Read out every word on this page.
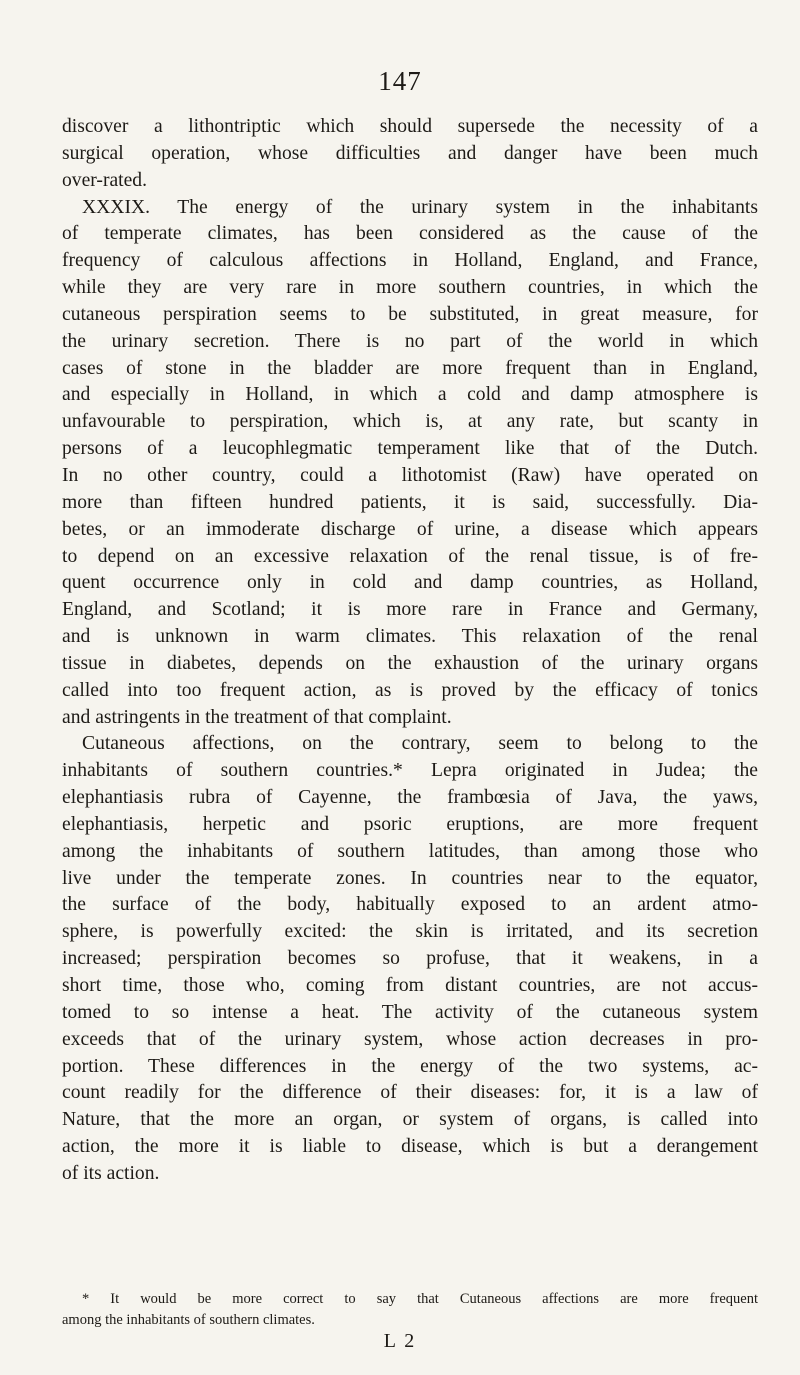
147
discover a lithontriptic which should supersede the necessity of a
surgical operation, whose difficulties and danger have been much
over-rated.
XXXIX. The energy of the urinary system in the inhabitants
of temperate climates, has been considered as the cause of the
frequency of calculous affections in Holland, England, and France,
while they are very rare in more southern countries, in which the
cutaneous perspiration seems to be substituted, in great measure, for
the urinary secretion. There is no part of the world in which
cases of stone in the bladder are more frequent than in England,
and especially in Holland, in which a cold and damp atmosphere is
unfavourable to perspiration, which is, at any rate, but scanty in
persons of a leucophlegmatic temperament like that of the Dutch.
In no other country, could a lithotomist (Raw) have operated on
more than fifteen hundred patients, it is said, successfully. Dia-
betes, or an immoderate discharge of urine, a disease which appears
to depend on an excessive relaxation of the renal tissue, is of fre-
quent occurrence only in cold and damp countries, as Holland,
England, and Scotland; it is more rare in France and Germany,
and is unknown in warm climates. This relaxation of the renal
tissue in diabetes, depends on the exhaustion of the urinary organs
called into too frequent action, as is proved by the efficacy of tonics
and astringents in the treatment of that complaint.
Cutaneous affections, on the contrary, seem to belong to the
inhabitants of southern countries.* Lepra originated in Judea; the
elephantiasis rubra of Cayenne, the frambœsia of Java, the yaws,
elephantiasis, herpetic and psoric eruptions, are more frequent
among the inhabitants of southern latitudes, than among those who
live under the temperate zones. In countries near to the equator,
the surface of the body, habitually exposed to an ardent atmo-
sphere, is powerfully excited: the skin is irritated, and its secretion
increased; perspiration becomes so profuse, that it weakens, in a
short time, those who, coming from distant countries, are not accus-
tomed to so intense a heat. The activity of the cutaneous system
exceeds that of the urinary system, whose action decreases in pro-
portion. These differences in the energy of the two systems, ac-
count readily for the difference of their diseases: for, it is a law of
Nature, that the more an organ, or system of organs, is called into
action, the more it is liable to disease, which is but a derangement
of its action.
* It would be more correct to say that Cutaneous affections are more frequent
among the inhabitants of southern climates.
L 2
